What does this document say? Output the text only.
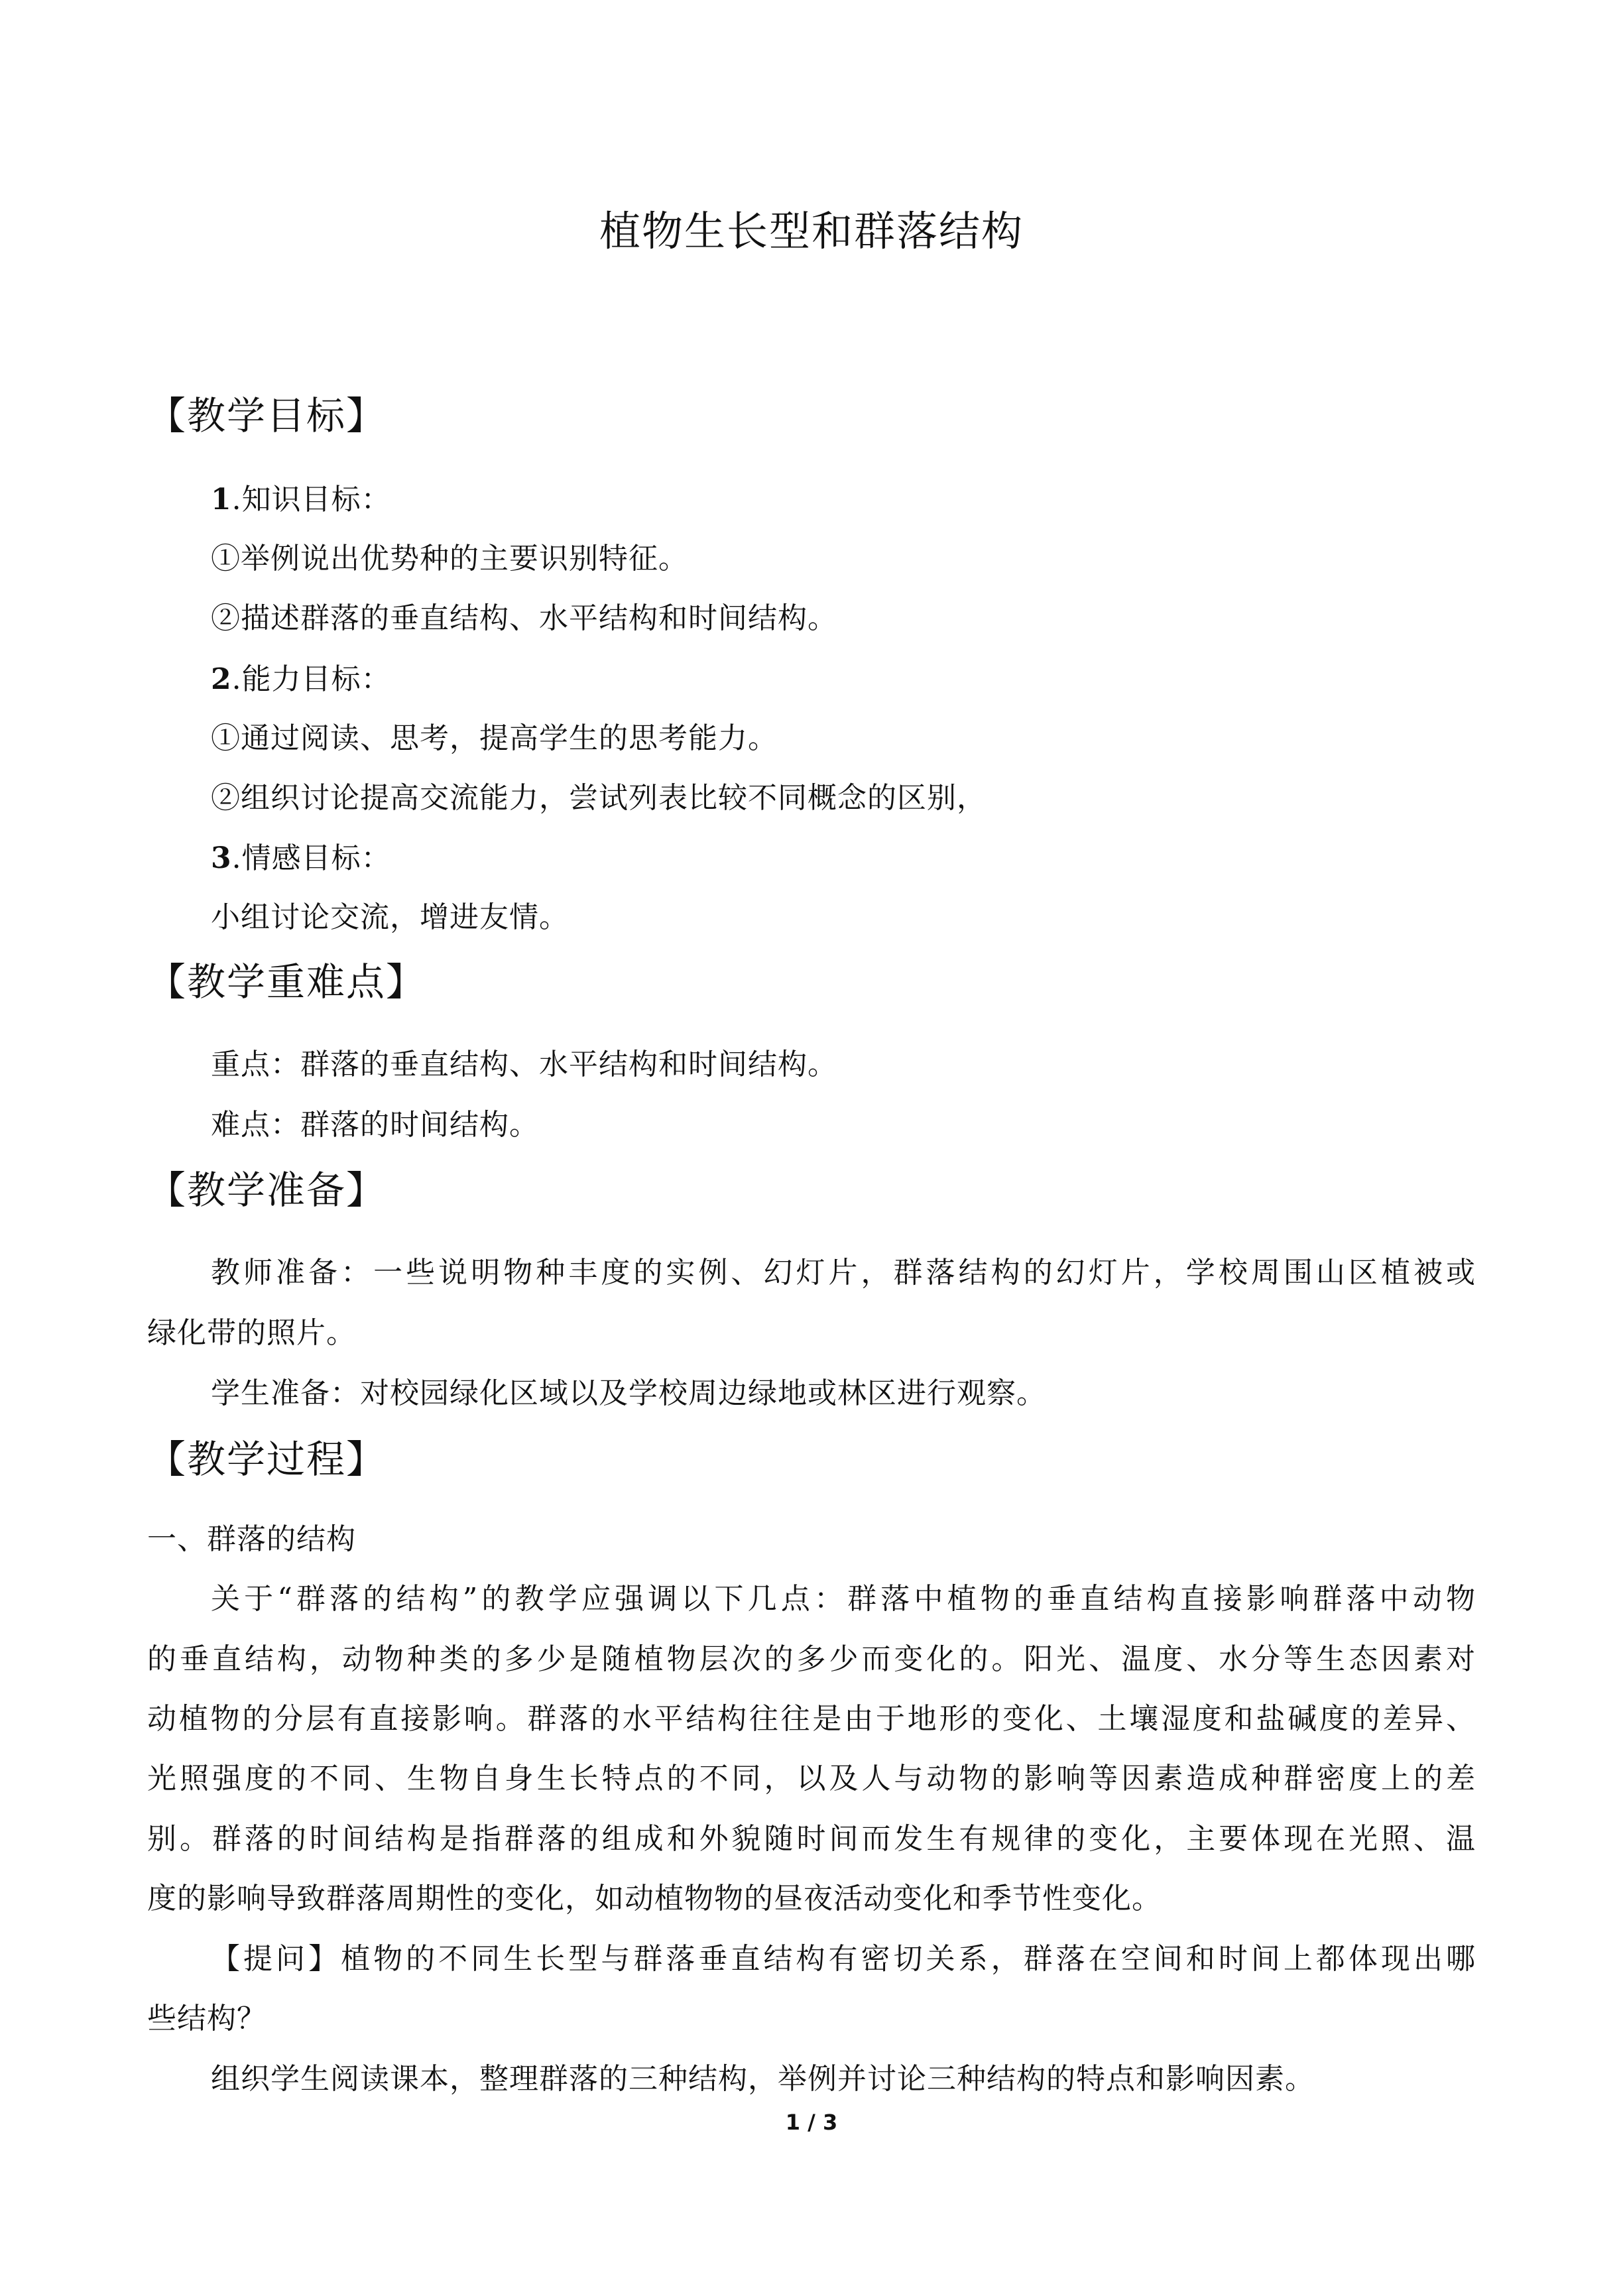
植物生长型和群落结构
【教学目标】
1.知识目标：
①举例说出优势种的主要识别特征。
②描述群落的垂直结构、水平结构和时间结构。
2.能力目标：
①通过阅读、思考，提高学生的思考能力。
②组织讨论提高交流能力，尝试列表比较不同概念的区别，
3.情感目标：
小组讨论交流，增进友情。
【教学重难点】
重点：群落的垂直结构、水平结构和时间结构。
难点：群落的时间结构。
【教学准备】
教师准备：一些说明物种丰度的实例、幻灯片，群落结构的幻灯片，学校周围山区植被或
绿化带的照片。
学生准备：对校园绿化区域以及学校周边绿地或林区进行观察。
【教学过程】
一、群落的结构
关于“群落的结构”的教学应强调以下几点：群落中植物的垂直结构直接影响群落中动物
的垂直结构，动物种类的多少是随植物层次的多少而变化的。阳光、温度、水分等生态因素对
动植物的分层有直接影响。群落的水平结构往往是由于地形的变化、土壤湿度和盐碱度的差异、
光照强度的不同、生物自身生长特点的不同，以及人与动物的影响等因素造成种群密度上的差
别。群落的时间结构是指群落的组成和外貌随时间而发生有规律的变化，主要体现在光照、温
度的影响导致群落周期性的变化，如动植物物的昼夜活动变化和季节性变化。
【提问】植物的不同生长型与群落垂直结构有密切关系，群落在空间和时间上都体现出哪
些结构？
组织学生阅读课本，整理群落的三种结构，举例并讨论三种结构的特点和影响因素。
1 / 3
